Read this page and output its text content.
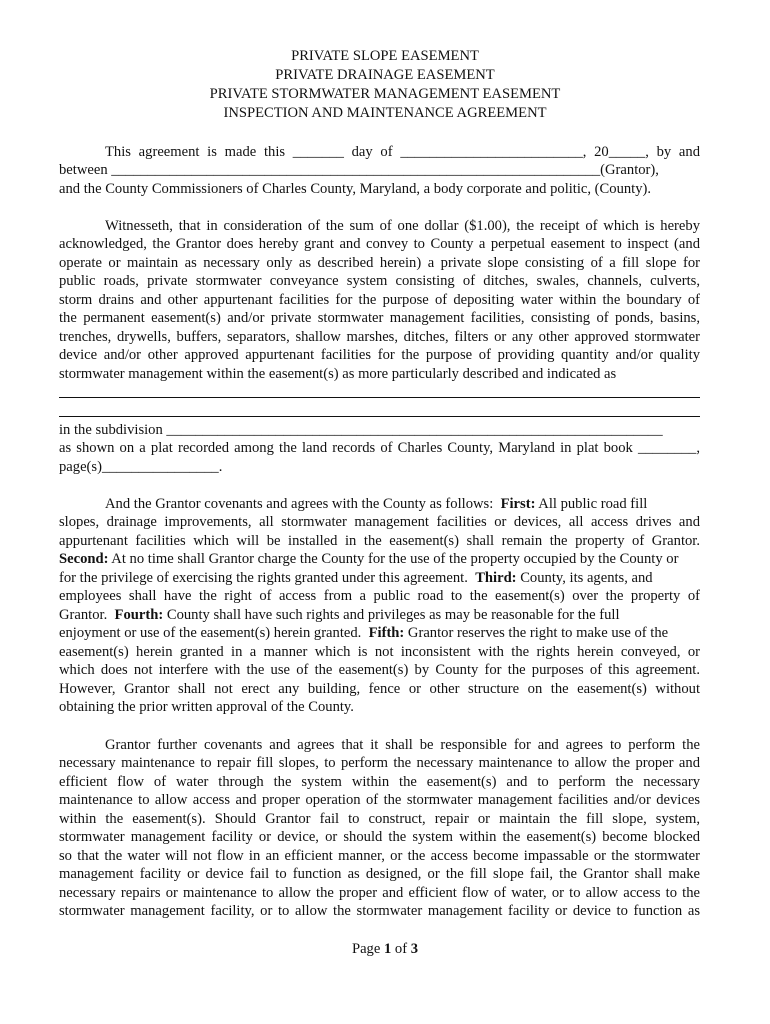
PRIVATE SLOPE EASEMENT
PRIVATE DRAINAGE EASEMENT
PRIVATE STORMWATER MANAGEMENT EASEMENT
INSPECTION AND MAINTENANCE AGREEMENT
This agreement is made this _______ day of _________________________, 20_____, by and
between ___________________________________________________________________(Grantor),
and the County Commissioners of Charles County, Maryland, a body corporate and politic, (County).
Witnesseth, that in consideration of the sum of one dollar ($1.00), the receipt of which is hereby
acknowledged, the Grantor does hereby grant and convey to County a perpetual easement to inspect (and
operate or maintain as necessary only as described herein) a private slope consisting of a fill slope for
public roads, private stormwater conveyance system consisting of ditches, swales, channels, culverts,
storm drains and other appurtenant facilities for the purpose of depositing water within the boundary of
the permanent easement(s) and/or private stormwater management facilities, consisting of ponds, basins,
trenches, drywells, buffers, separators, shallow marshes, ditches, filters or any other approved stormwater
device and/or other approved appurtenant facilities for the purpose of providing quantity and/or quality
stormwater management within the easement(s) as more particularly described and indicated as
in the subdivision ____________________________________________________________________
as shown on a plat recorded among the land records of Charles County, Maryland in plat book ________,
page(s)________________.
And the Grantor covenants and agrees with the County as follows:  First: All public road fill
slopes, drainage improvements, all stormwater management facilities or devices, all access drives and
appurtenant facilities which will be installed in the easement(s) shall remain the property of Grantor.
Second: At no time shall Grantor charge the County for the use of the property occupied by the County or
for the privilege of exercising the rights granted under this agreement.  Third: County, its agents, and
employees shall have the right of access from a public road to the easement(s) over the property of
Grantor.  Fourth: County shall have such rights and privileges as may be reasonable for the full
enjoyment or use of the easement(s) herein granted.  Fifth: Grantor reserves the right to make use of the
easement(s) herein granted in a manner which is not inconsistent with the rights herein conveyed, or
which does not interfere with the use of the easement(s) by County for the purposes of this agreement.
However, Grantor shall not erect any building, fence or other structure on the easement(s) without
obtaining the prior written approval of the County.
Grantor further covenants and agrees that it shall be responsible for and agrees to perform the
necessary maintenance to repair fill slopes, to perform the necessary maintenance to allow the proper and
efficient flow of water through the system within the easement(s) and to perform the necessary
maintenance to allow access and proper operation of the stormwater management facilities and/or devices
within the easement(s). Should Grantor fail to construct, repair or maintain the fill slope, system,
stormwater management facility or device, or should the system within the easement(s) become blocked
so that the water will not flow in an efficient manner, or the access become impassable or the stormwater
management facility or device fail to function as designed, or the fill slope fail, the Grantor shall make
necessary repairs or maintenance to allow the proper and efficient flow of water, or to allow access to the
stormwater management facility, or to allow the stormwater management facility or device to function as
Page 1 of 3
